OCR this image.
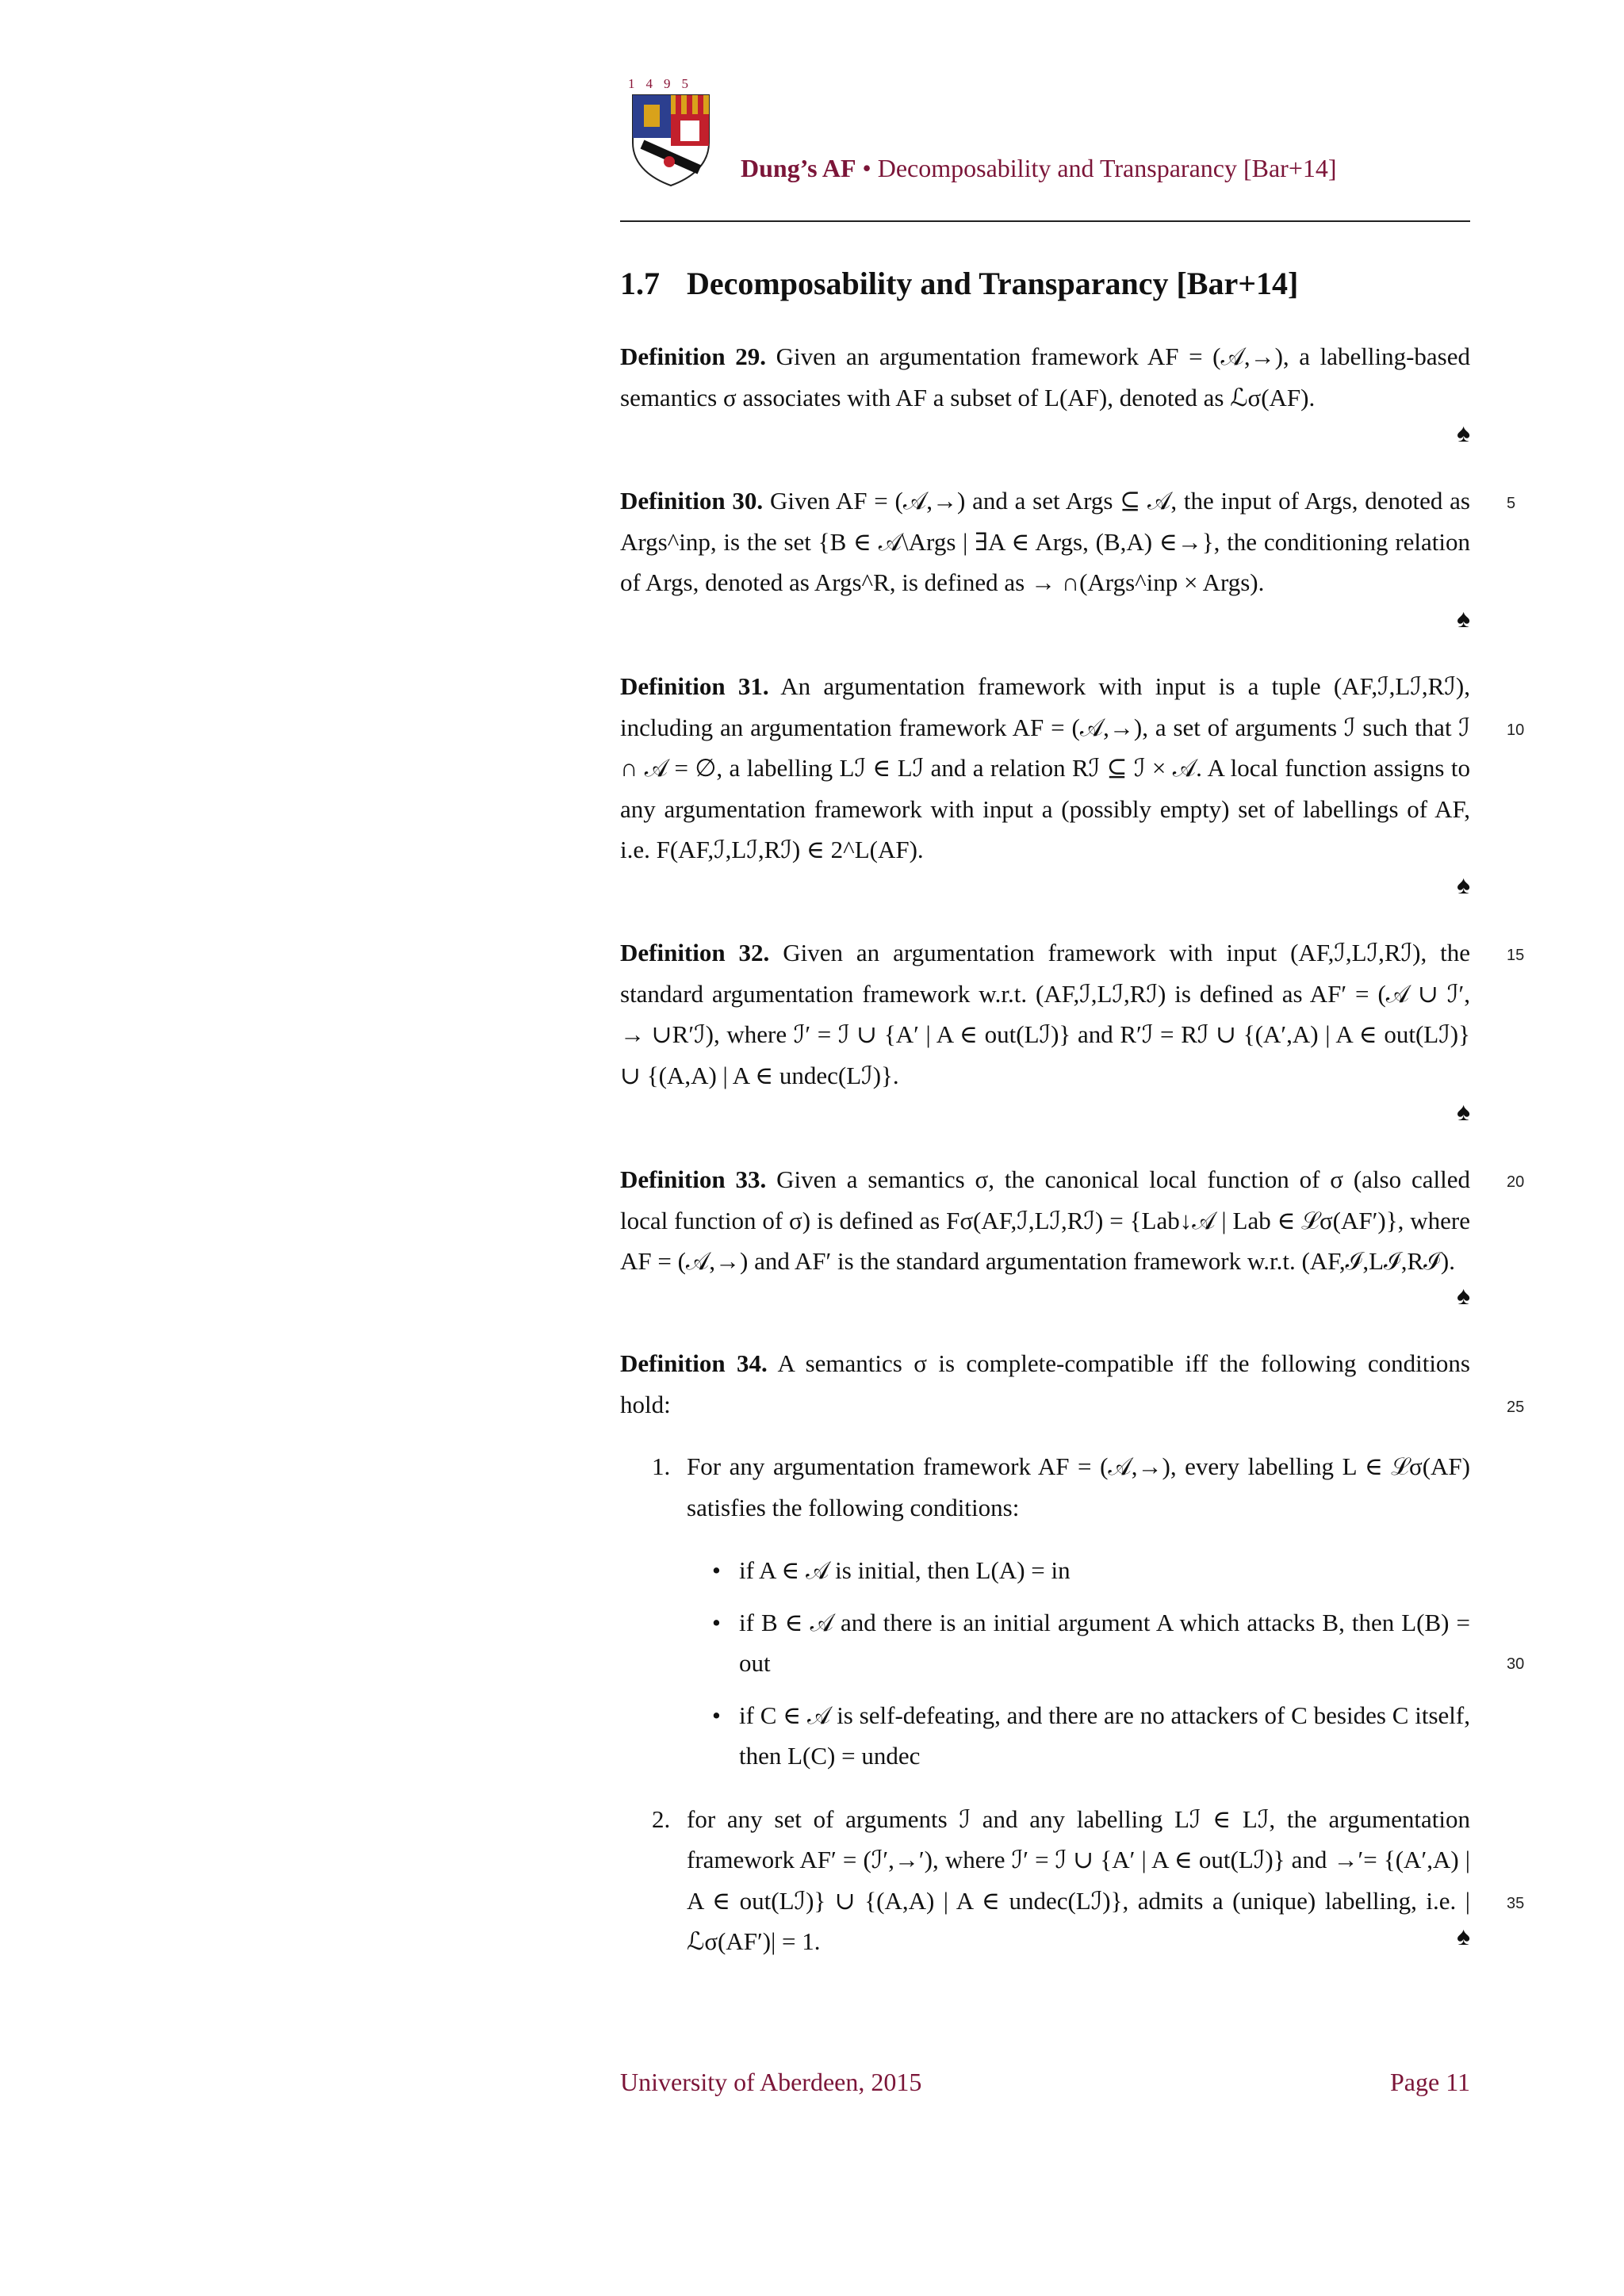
1495
Dung’s AF • Decomposability and Transparancy [Bar+14]
1.7 Decomposability and Transparancy [Bar+14]
Definition 29. Given an argumentation framework AF = (𝒜,→), a labelling-based semantics σ associates with AF a subset of L(AF), denoted as ℒσ(AF).
♠
Definition 30. Given AF = (𝒜,→) and a set Args ⊆ 𝒜, the input of Args, denoted as Args^inp, is the set {B ∈ 𝒜\Args | ∃A ∈ Args, (B,A) ∈→}, the conditioning relation of Args, denoted as Args^R, is defined as → ∩(Args^inp × Args).
♠
5
Definition 31. An argumentation framework with input is a tuple (AF,ℐ,Lℐ,Rℐ), including an argumentation framework AF = (𝒜,→), a set of arguments ℐ such that ℐ ∩ 𝒜 = ∅, a labelling Lℐ ∈ Lℐ and a relation Rℐ ⊆ ℐ × 𝒜. A local function assigns to any argumentation framework with input a (possibly empty) set of labellings of AF, i.e. F(AF,ℐ,Lℐ,Rℐ) ∈ 2^L(AF).
♠
10
Definition 32. Given an argumentation framework with input (AF,ℐ,Lℐ,Rℐ), the standard argumentation framework w.r.t. (AF,ℐ,Lℐ,Rℐ) is defined as AF′ = (𝒜 ∪ ℐ′, → ∪R′ℐ), where ℐ′ = ℐ ∪ {A′ | A ∈ out(Lℐ)} and R′ℐ = Rℐ ∪ {(A′,A) | A ∈ out(Lℐ)} ∪ {(A,A) | A ∈ undec(Lℐ)}.
♠
15
Definition 33. Given a semantics σ, the canonical local function of σ (also called local function of σ) is defined as Fσ(AF,ℐ,Lℐ,Rℐ) = {Lab↓𝒜 | Lab ∈ ℒσ(AF′)}, where AF = (𝒜,→) and AF′ is the standard argumentation framework w.r.t. (AF,ℐ,Lℐ,Rℐ).
♠
20
Definition 34. A semantics σ is complete-compatible iff the following conditions hold:	25
1. For any argumentation framework AF = (𝒜,→), every labelling L ∈ ℒσ(AF) satisfies the following conditions:
• if A ∈ 𝒜 is initial, then L(A) = in
• if B ∈ 𝒜 and there is an initial argument A which attacks B, then L(B) = out
• if C ∈ 𝒜 is self-defeating, and there are no attackers of C besides C itself, then L(C) = undec
2. for any set of arguments ℐ and any labelling Lℐ ∈ Lℐ, the argumentation framework AF′ = (ℐ′,→′), where ℐ′ = ℐ ∪ {A′ | A ∈ out(Lℐ)} and →′= {(A′,A) | A ∈ out(Lℐ)} ∪ {(A,A) | A ∈ undec(Lℐ)}, admits a (unique) labelling, i.e. |ℒσ(AF′)| = 1.
30
35
♠
University of Aberdeen, 2015	Page 11
